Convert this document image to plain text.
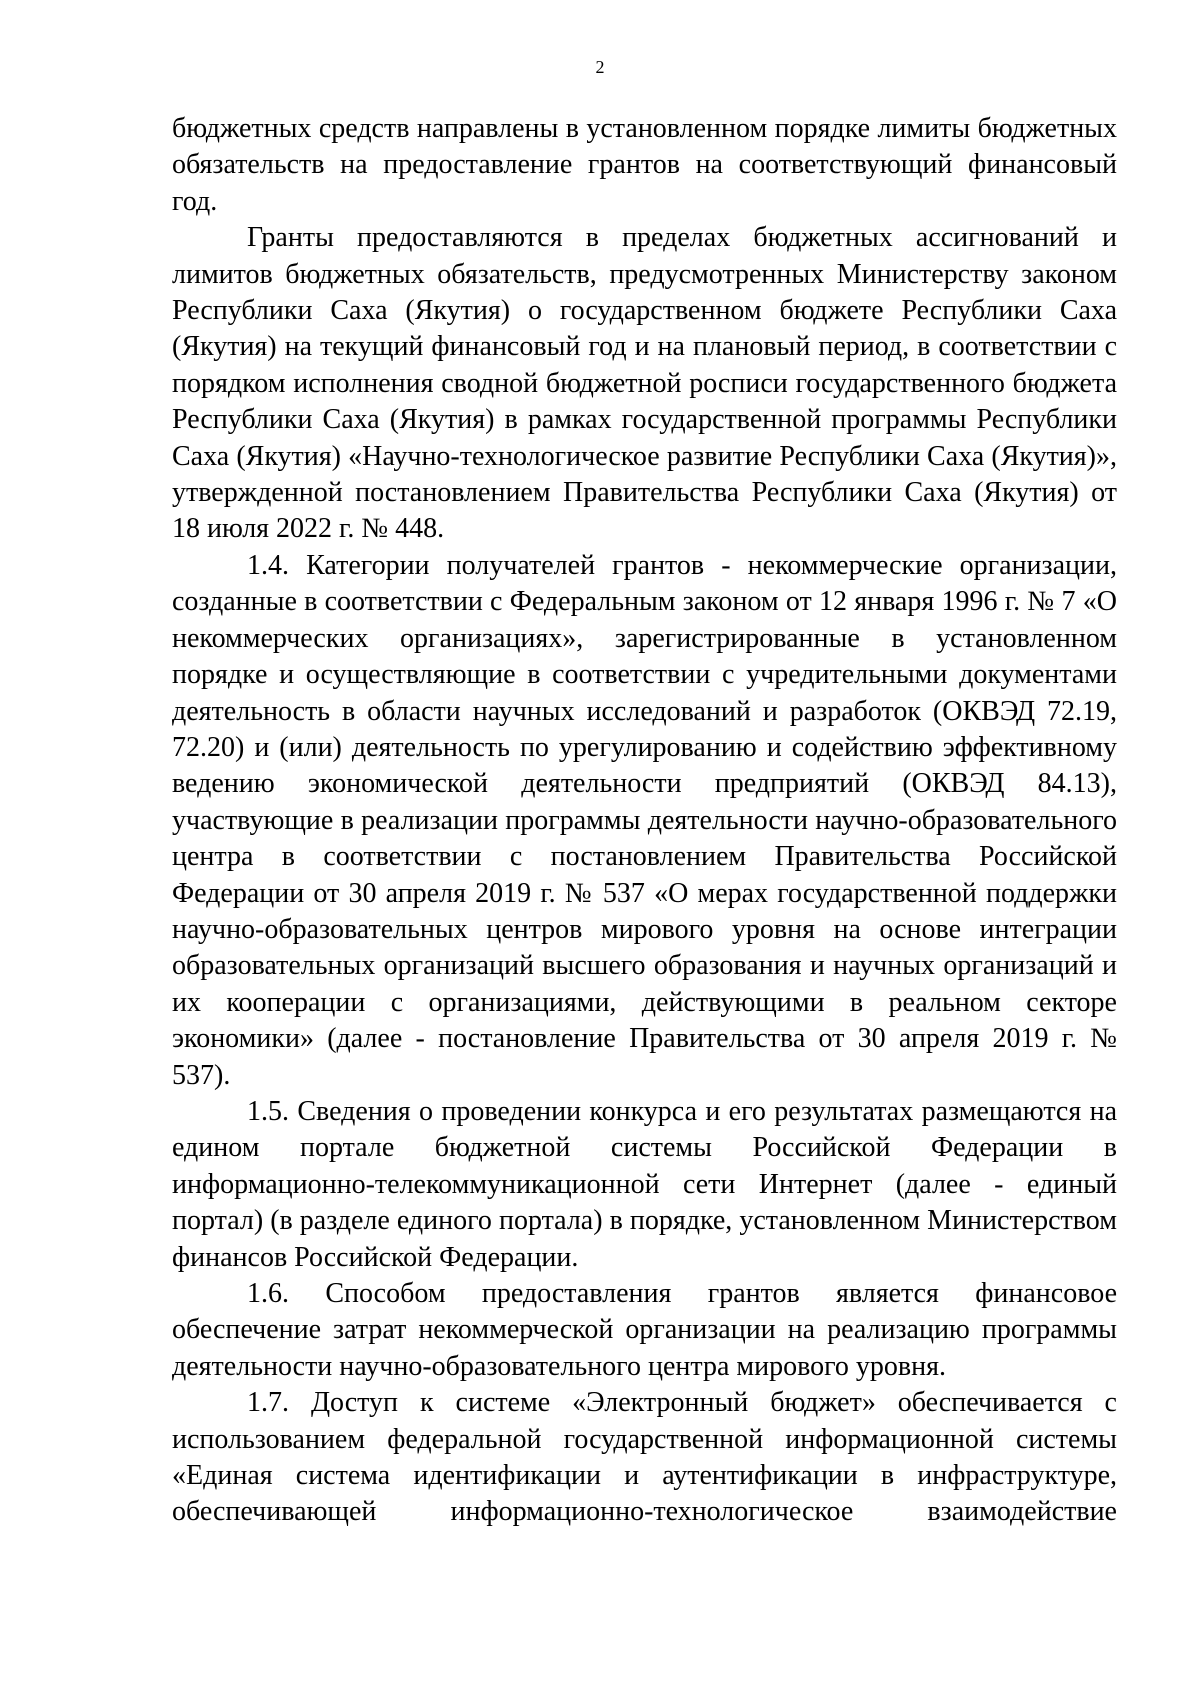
2

бюджетных средств направлены в установленном порядке лимиты бюджетных обязательств на предоставление грантов на соответствующий финансовый год.

Гранты предоставляются в пределах бюджетных ассигнований и лимитов бюджетных обязательств, предусмотренных Министерству законом Республики Саха (Якутия) о государственном бюджете Республики Саха (Якутия) на текущий финансовый год и на плановый период, в соответствии с порядком исполнения сводной бюджетной росписи государственного бюджета Республики Саха (Якутия) в рамках государственной программы Республики Саха (Якутия) «Научно-технологическое развитие Республики Саха (Якутия)», утвержденной постановлением Правительства Республики Саха (Якутия) от 18 июля 2022 г. № 448.

1.4. Категории получателей грантов - некоммерческие организации, созданные в соответствии с Федеральным законом от 12 января 1996 г. № 7 «О некоммерческих организациях», зарегистрированные в установленном порядке и осуществляющие в соответствии с учредительными документами деятельность в области научных исследований и разработок (ОКВЭД 72.19, 72.20) и (или) деятельность по урегулированию и содействию эффективному ведению экономической деятельности предприятий (ОКВЭД 84.13), участвующие в реализации программы деятельности научно-образовательного центра в соответствии с постановлением Правительства Российской Федерации от 30 апреля 2019 г. № 537 «О мерах государственной поддержки научно-образовательных центров мирового уровня на основе интеграции образовательных организаций высшего образования и научных организаций и их кооперации с организациями, действующими в реальном секторе экономики» (далее - постановление Правительства от 30 апреля 2019 г. № 537).

1.5. Сведения о проведении конкурса и его результатах размещаются на едином портале бюджетной системы Российской Федерации в информационно-телекоммуникационной сети Интернет (далее - единый портал) (в разделе единого портала) в порядке, установленном Министерством финансов Российской Федерации.

1.6. Способом предоставления грантов является финансовое обеспечение затрат некоммерческой организации на реализацию программы деятельности научно-образовательного центра мирового уровня.

1.7. Доступ к системе «Электронный бюджет» обеспечивается с использованием федеральной государственной информационной системы «Единая система идентификации и аутентификации в инфраструктуре, обеспечивающей информационно-технологическое взаимодействие
